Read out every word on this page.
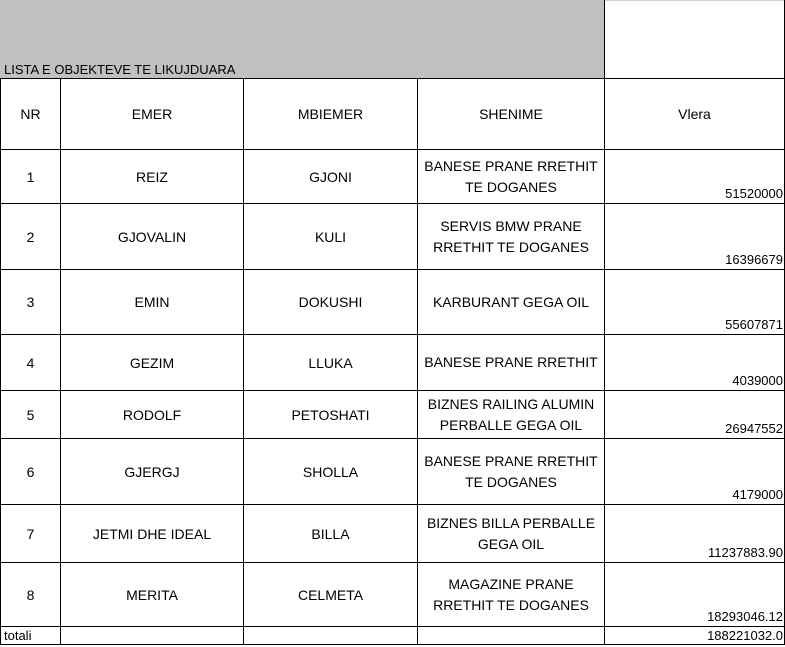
LISTA E OBJEKTEVE TE LIKUJDUARA				
NR	EMER	MBIEMER	SHENIME	Vlera
1	REIZ	GJONI	BANESE PRANE RRETHIT TE DOGANES	51520000
2	GJOVALIN	KULI	SERVIS BMW PRANE RRETHIT TE DOGANES	16396679
3	EMIN	DOKUSHI	KARBURANT GEGA OIL	55607871
4	GEZIM	LLUKA	BANESE PRANE RRETHIT	4039000
5	RODOLF	PETOSHATI	BIZNES RAILING ALUMIN PERBALLE GEGA OIL	26947552
6	GJERGJ	SHOLLA	BANESE PRANE RRETHIT TE DOGANES	4179000
7	JETMI DHE IDEAL	BILLA	BIZNES BILLA PERBALLE GEGA OIL	11237883.90
8	MERITA	CELMETA	MAGAZINE PRANE RRETHIT TE DOGANES	18293046.12
totali				188221032.0
